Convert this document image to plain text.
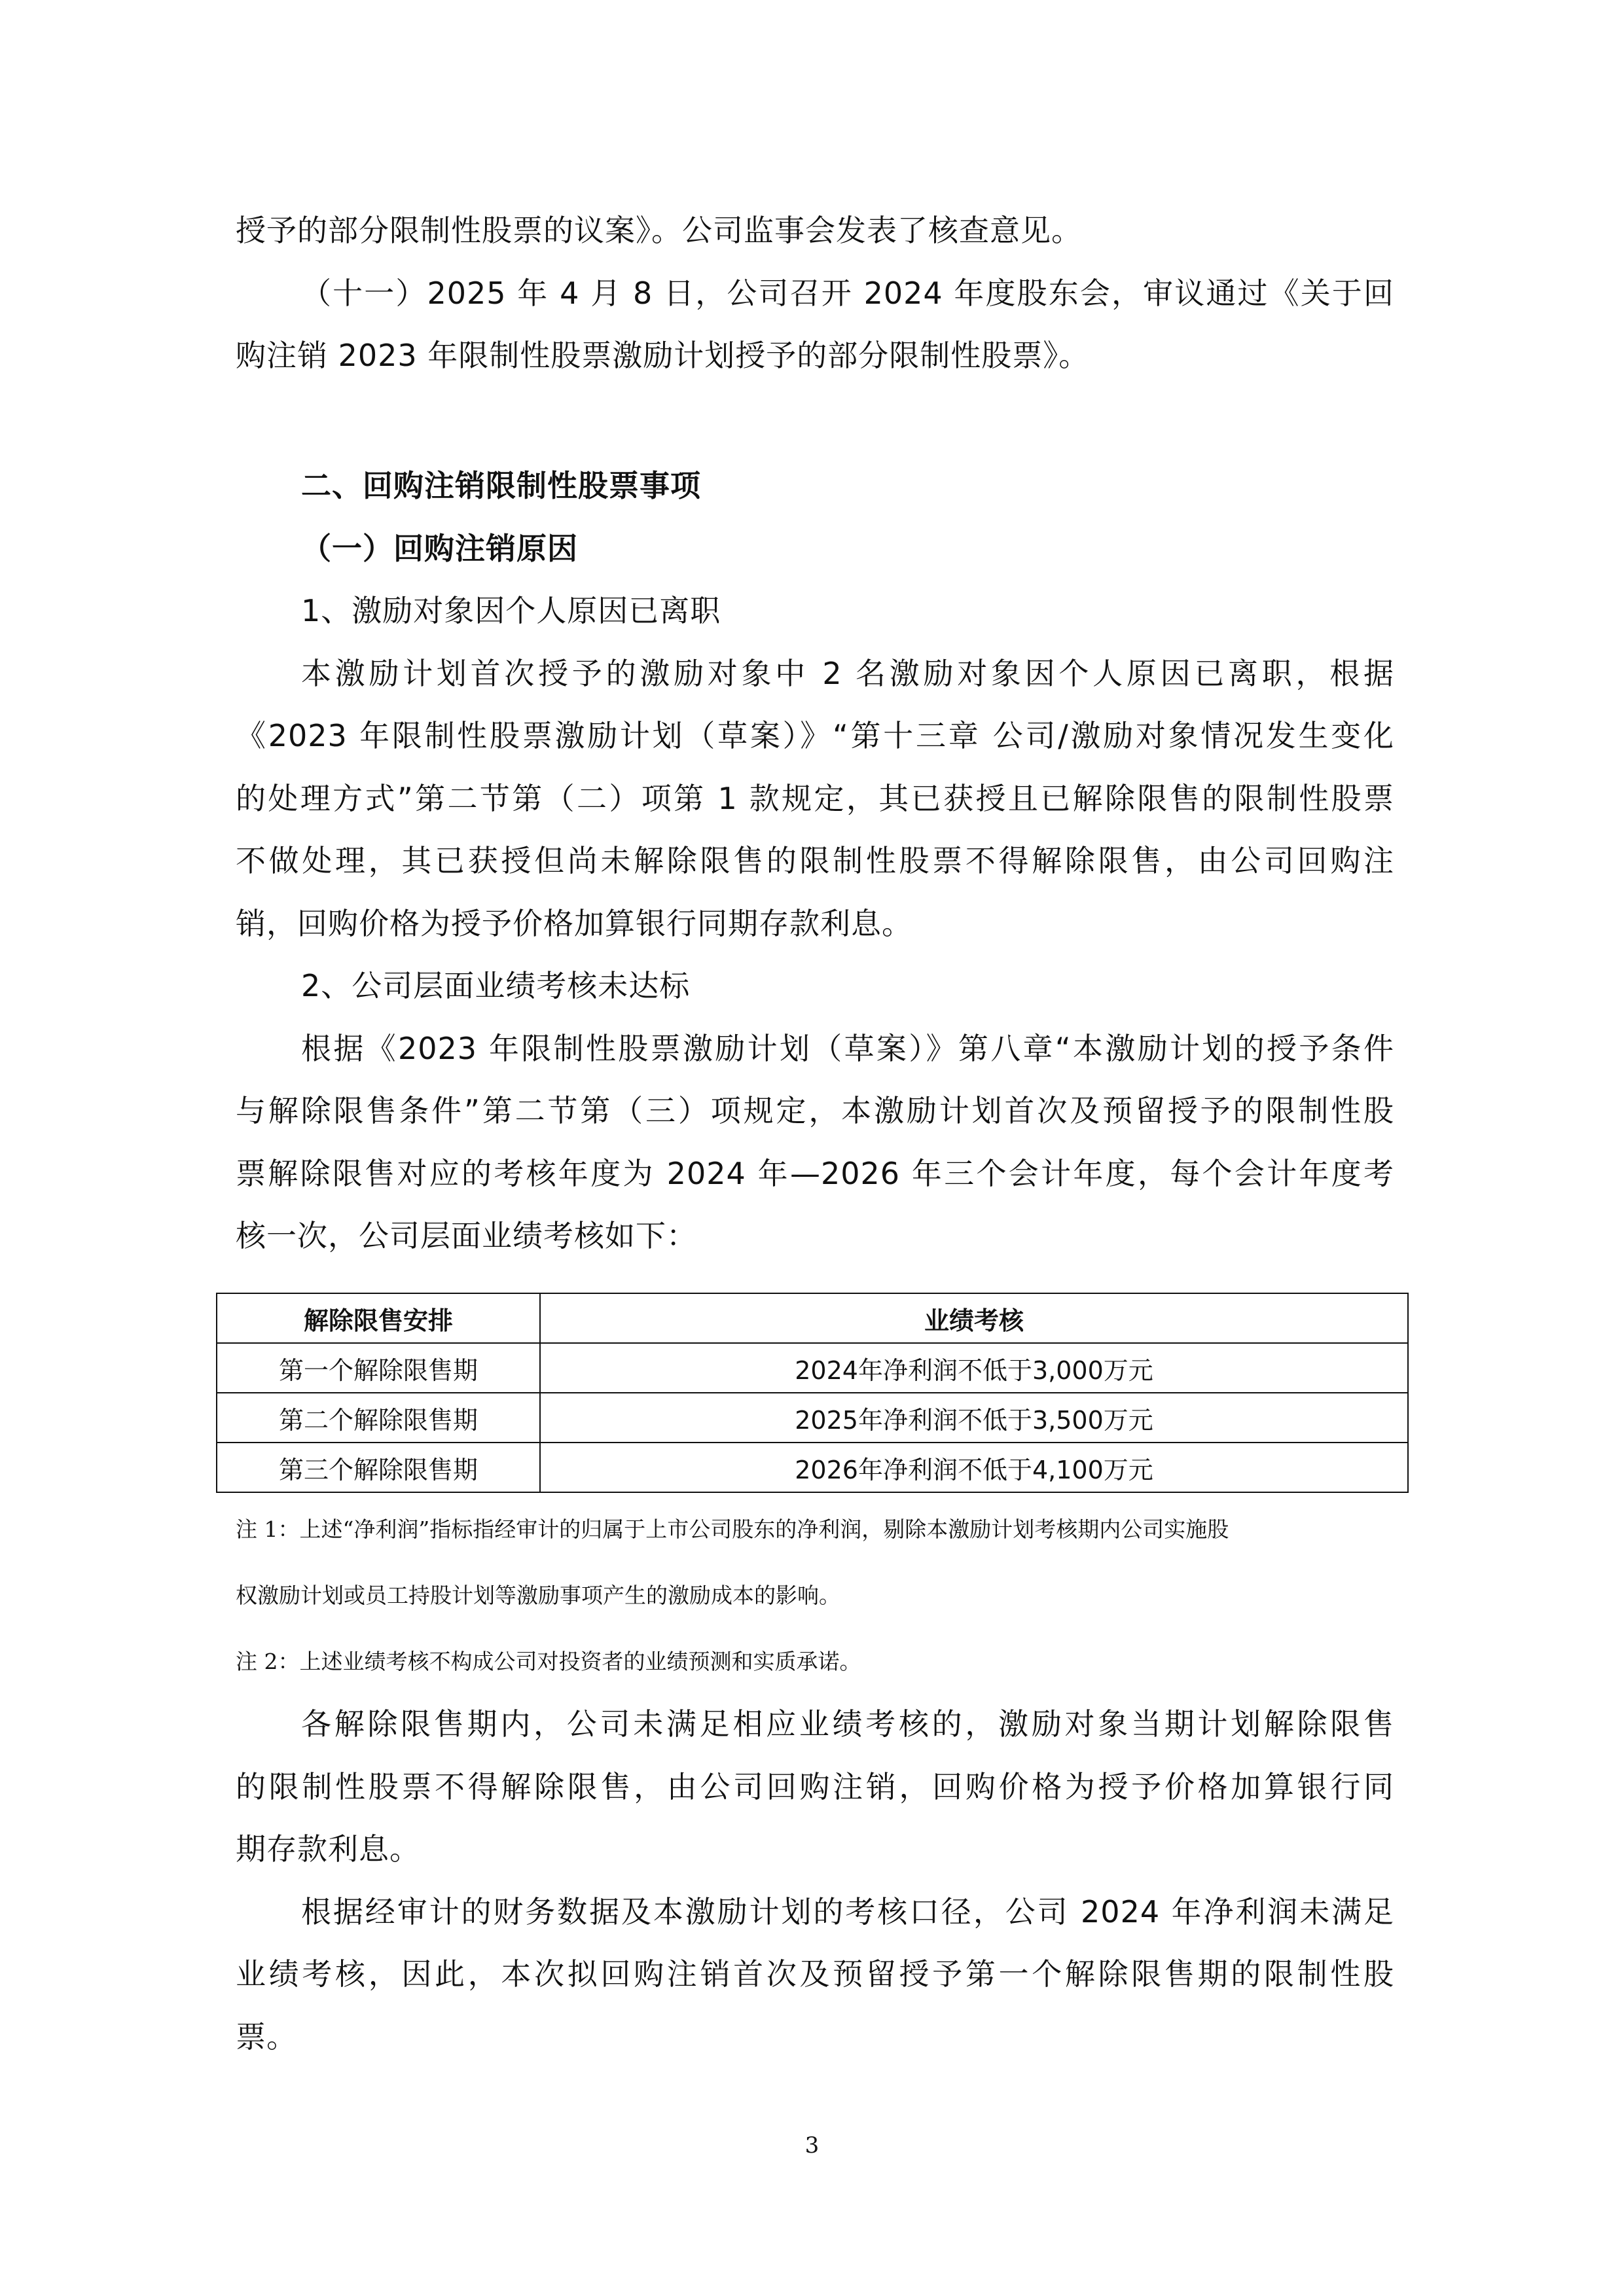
授予的部分限制性股票的议案》。公司监事会发表了核查意见。
（十一）2025 年 4 月 8 日，公司召开 2024 年度股东会，审议通过《关于回
购注销 2023 年限制性股票激励计划授予的部分限制性股票》。
二、回购注销限制性股票事项
（一）回购注销原因
1、激励对象因个人原因已离职
本激励计划首次授予的激励对象中 2 名激励对象因个人原因已离职，根据
《2023 年限制性股票激励计划（草案）》“第十三章 公司/激励对象情况发生变化
的处理方式”第二节第（二）项第 1 款规定，其已获授且已解除限售的限制性股票
不做处理，其已获授但尚未解除限售的限制性股票不得解除限售，由公司回购注
销，回购价格为授予价格加算银行同期存款利息。
2、公司层面业绩考核未达标
根据《2023 年限制性股票激励计划（草案）》第八章“本激励计划的授予条件
与解除限售条件”第二节第（三）项规定，本激励计划首次及预留授予的限制性股
票解除限售对应的考核年度为 2024 年—2026 年三个会计年度，每个会计年度考
核一次，公司层面业绩考核如下：
解除限售安排	业绩考核
第一个解除限售期	2024年净利润不低于3,000万元
第二个解除限售期	2025年净利润不低于3,500万元
第三个解除限售期	2026年净利润不低于4,100万元
注 1：上述“净利润”指标指经审计的归属于上市公司股东的净利润，剔除本激励计划考核期内公司实施股
权激励计划或员工持股计划等激励事项产生的激励成本的影响。
注 2：上述业绩考核不构成公司对投资者的业绩预测和实质承诺。
各解除限售期内，公司未满足相应业绩考核的，激励对象当期计划解除限售
的限制性股票不得解除限售，由公司回购注销，回购价格为授予价格加算银行同
期存款利息。
根据经审计的财务数据及本激励计划的考核口径，公司 2024 年净利润未满足
业绩考核，因此，本次拟回购注销首次及预留授予第一个解除限售期的限制性股
票。
3
